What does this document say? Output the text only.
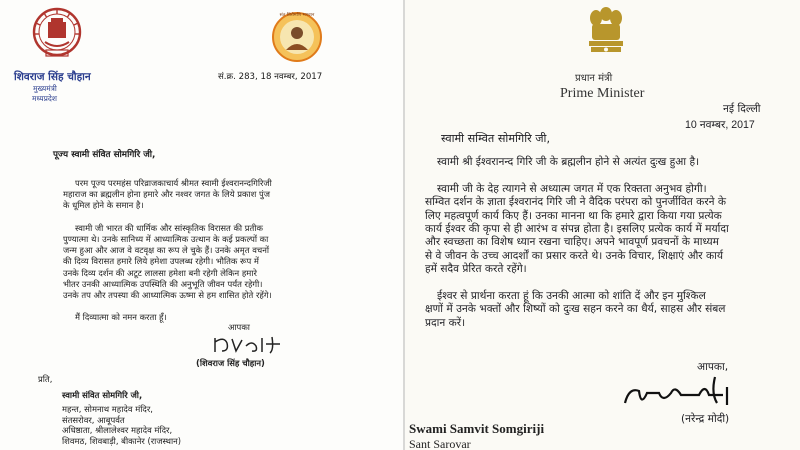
संत शिरोमणि भगवान

शिवराज सिंह चौहान

मुख्यमंत्री

मध्यप्रदेश

सं.क्र. 283, 18 नवम्बर, 2017

पूज्य स्वामी संवित सोमगिरि जी,

परम पूज्य परमहंस परिव्राजकाचार्य श्रीमत स्वामी ईश्वरानन्दगिरिजी

महाराज का ब्रह्मलीन होना हमारे और नश्वर जगत के लिये प्रकाश पुंज

के धूमिल होने के समान है।

स्वामी जी भारत की धार्मिक और सांस्कृतिक विरासत की प्रतीक

पुण्यात्मा थे। उनके सानिध्य में आध्यात्मिक उत्थान के कई प्रकल्पों का

जन्म हुआ और आज वे वटवृक्ष का रूप ले चुके हैं। उनके अमृत वचनों

की दिव्य विरासत हमारे लिये हमेशा उपलब्ध रहेगी। भौतिक रूप में

उनके दिव्य दर्शन की अटूट लालसा हमेशा बनी रहेगी लेकिन हमारे

भीतर उनकी आध्यात्मिक उपस्थिति की अनुभूति जीवन पर्यंत रहेगी।

उनके तप और तपस्या की आध्यात्मिक ऊष्मा से हम शासित होते रहेंगे।

मैं दिव्यात्मा को नमन करता हूँ।

आपका

(शिवराज सिंह चौहान)

प्रति,

स्वामी संवित सोमगिरि जी,

महन्त, सोमनाथ महादेव मंदिर,

संतसरोवर, आबूपर्वत

अधिष्ठाता, श्रीलालेश्वर महादेव मंदिर,

शिवमठ, शिवबाड़ी, बीकानेर (राजस्थान)

प्रधान मंत्री

Prime Minister

नई दिल्ली

10 नवम्बर, 2017

स्वामी सम्वित सोमगिरि जी,

स्वामी श्री ईश्वरानन्द गिरि जी के ब्रह्मलीन होने से अत्यंत दुःख हुआ है।

स्वामी जी के देह त्यागने से अध्यात्म जगत में एक रिक्तता अनुभव होगी।

सम्वित दर्शन के ज्ञाता ईश्वरानंद गिरि जी ने वैदिक परंपरा को पुनर्जीवित करने के

लिए महत्वपूर्ण कार्य किए हैं। उनका मानना था कि हमारे द्वारा किया गया प्रत्येक

कार्य ईश्वर की कृपा से ही आरंभ व संपन्न होता है। इसलिए प्रत्येक कार्य में मर्यादा

और स्वच्छता का विशेष ध्यान रखना चाहिए। अपने भावपूर्ण प्रवचनों के माध्यम

से वे जीवन के उच्च आदर्शों का प्रसार करते थे। उनके विचार, शिक्षाएं और कार्य

हमें सदैव प्रेरित करते रहेंगे।

ईश्वर से प्रार्थना करता हूं कि उनकी आत्मा को शांति दें और इन मुश्किल

क्षणों में उनके भक्तों और शिष्यों को दुःख सहन करने का धैर्य, साहस और संबल

प्रदान करें।

आपका,

(नरेन्द्र मोदी)

Swami Samvit Somgiriji

Sant Sarovar
